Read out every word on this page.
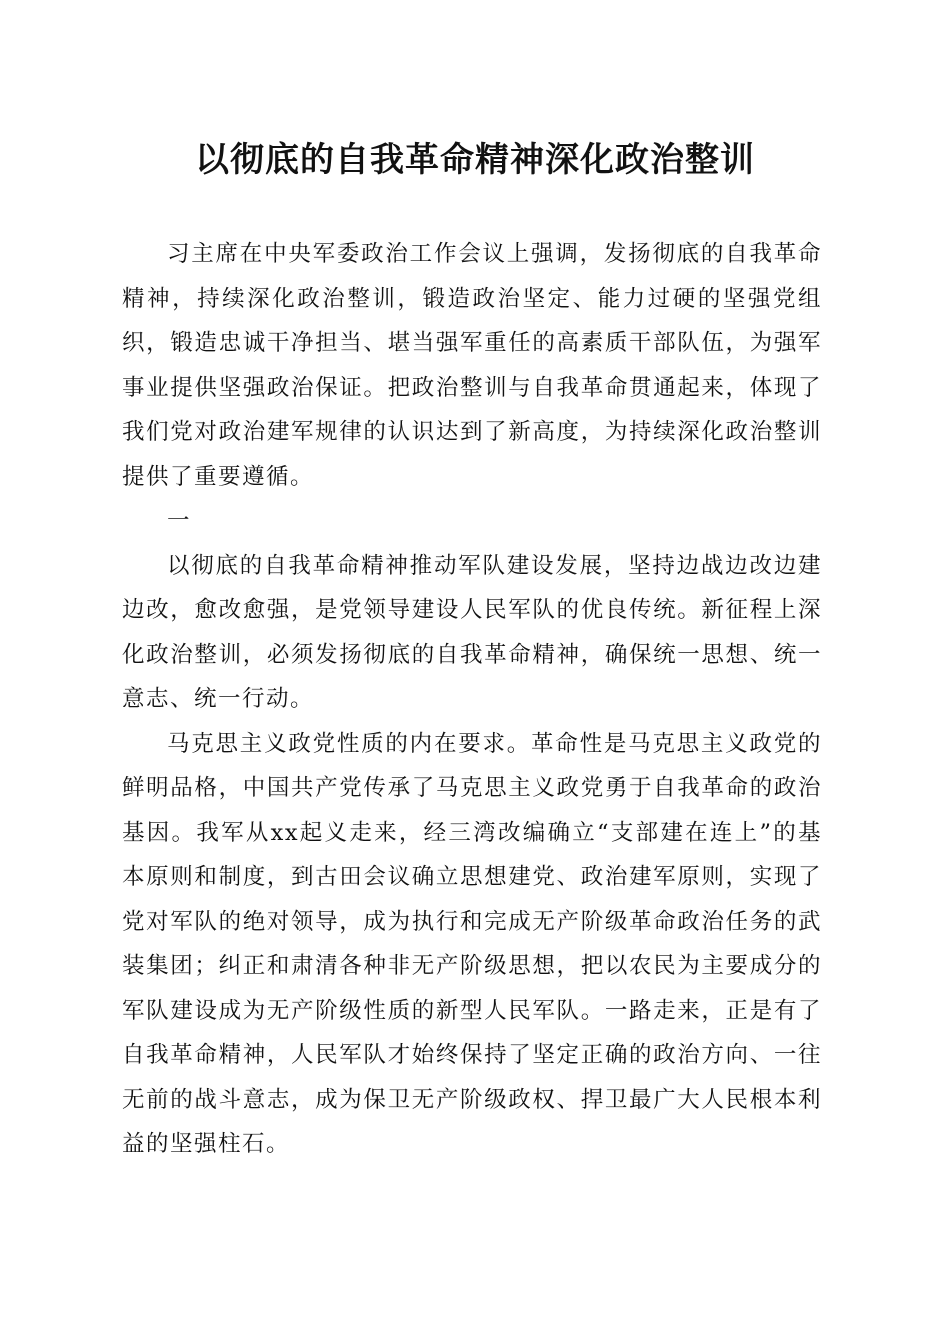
以彻底的自我革命精神深化政治整训

习主席在中央军委政治工作会议上强调，发扬彻底的自我革命精神，持续深化政治整训，锻造政治坚定、能力过硬的坚强党组织，锻造忠诚干净担当、堪当强军重任的高素质干部队伍，为强军事业提供坚强政治保证。把政治整训与自我革命贯通起来，体现了我们党对政治建军规律的认识达到了新高度，为持续深化政治整训提供了重要遵循。

一

以彻底的自我革命精神推动军队建设发展，坚持边战边改边建边改，愈改愈强，是党领导建设人民军队的优良传统。新征程上深化政治整训，必须发扬彻底的自我革命精神，确保统一思想、统一意志、统一行动。

马克思主义政党性质的内在要求。革命性是马克思主义政党的鲜明品格，中国共产党传承了马克思主义政党勇于自我革命的政治基因。我军从xx起义走来，经三湾改编确立“支部建在连上”的基本原则和制度，到古田会议确立思想建党、政治建军原则，实现了党对军队的绝对领导，成为执行和完成无产阶级革命政治任务的武装集团；纠正和肃清各种非无产阶级思想，把以农民为主要成分的军队建设成为无产阶级性质的新型人民军队。一路走来，正是有了自我革命精神，人民军队才始终保持了坚定正确的政治方向、一往无前的战斗意志，成为保卫无产阶级政权、捍卫最广大人民根本利益的坚强柱石。
